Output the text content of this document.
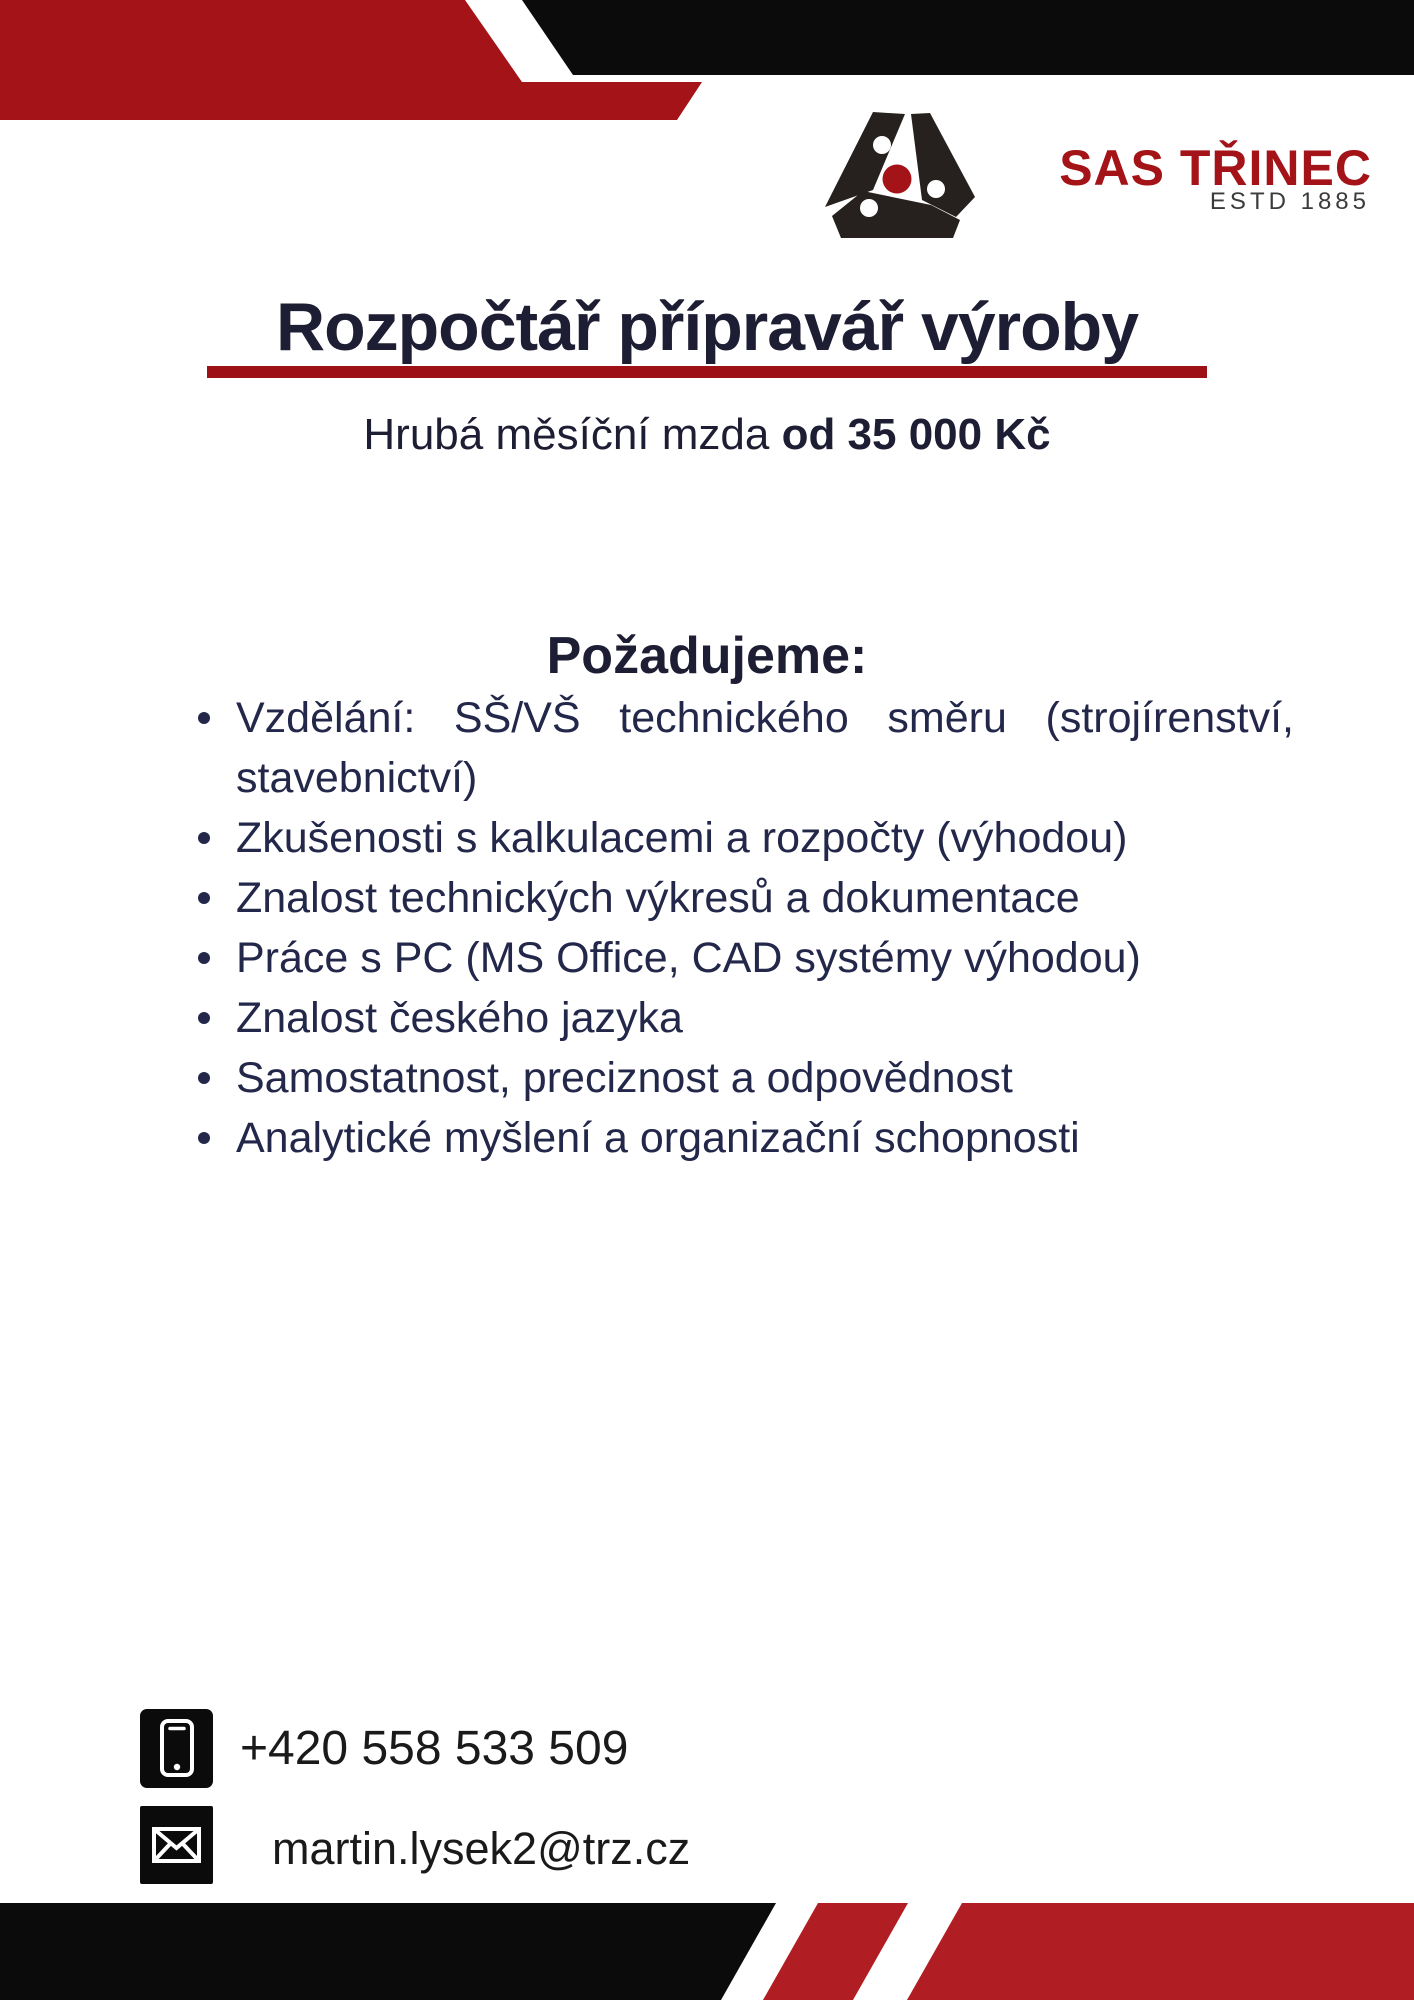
SAS TŘINEC
ESTD 1885
Rozpočtář přípravář výroby
Hrubá měsíční mzda od 35 000 Kč
Požadujeme:
Vzdělání: SŠ/VŠ technického směru (strojírenství,
stavebnictví)
Zkušenosti s kalkulacemi a rozpočty (výhodou)
Znalost technických výkresů a dokumentace
Práce s PC (MS Office, CAD systémy výhodou)
Znalost českého jazyka
Samostatnost, preciznost a odpovědnost
Analytické myšlení a organizační schopnosti
+420 558 533 509
martin.lysek2@trz.cz
